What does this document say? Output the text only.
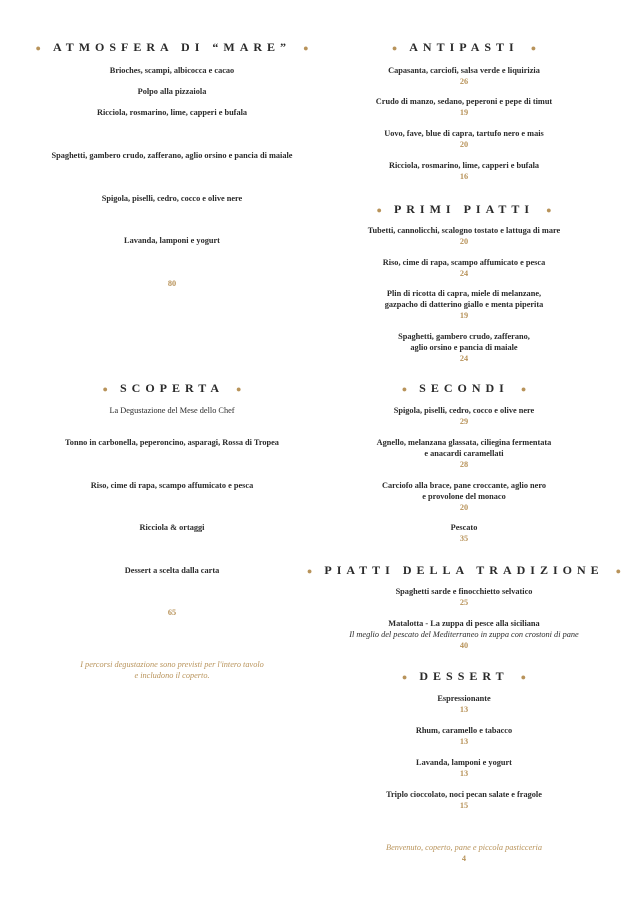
● ATMOSFERA DI “MARE” ●
Brioches, scampi, albicocca e cacao
Polpo alla pizzaiola
Ricciola, rosmarino, lime, capperi e bufala
Spaghetti, gambero crudo, zafferano, aglio orsino e pancia di maiale
Spigola, piselli, cedro, cocco e olive nere
Lavanda, lamponi e yogurt
80
● SCOPERTA ●
La Degustazione del Mese dello Chef
Tonno in carbonella, peperoncino, asparagi, Rossa di Tropea
Riso, cime di rapa, scampo affumicato e pesca
Ricciola & ortaggi
Dessert a scelta dalla carta
65
I percorsi degustazione sono previsti per l'intero tavolo
e includono il coperto.
● ANTIPASTI ●
Capasanta, carciofi, salsa verde e liquirizia
26
Crudo di manzo, sedano, peperoni e pepe di timut
19
Uovo, fave, blue di capra, tartufo nero e mais
20
Ricciola, rosmarino, lime, capperi e bufala
16
● PRIMI PIATTI ●
Tubetti, cannolicchi, scalogno tostato e lattuga di mare
20
Riso, cime di rapa, scampo affumicato e pesca
24
Plin di ricotta di capra, miele di melanzane,
gazpacho di datterino giallo e menta piperita
19
Spaghetti, gambero crudo, zafferano,
aglio orsino e pancia di maiale
24
● SECONDI ●
Spigola, piselli, cedro, cocco e olive nere
29
Agnello, melanzana glassata, ciliegina fermentata
e anacardi caramellati
28
Carciofo alla brace, pane croccante, aglio nero
e provolone del monaco
20
Pescato
35
● PIATTI DELLA TRADIZIONE ●
Spaghetti sarde e finocchietto selvatico
25
Matalotta - La zuppa di pesce alla siciliana
Il meglio del pescato del Mediterraneo in zuppa con crostoni di pane
40
● DESSERT ●
Espressionante
13
Rhum, caramello e tabacco
13
Lavanda, lamponi e yogurt
13
Triplo cioccolato, noci pecan salate e fragole
15
Benvenuto, coperto, pane e piccola pasticceria
4
